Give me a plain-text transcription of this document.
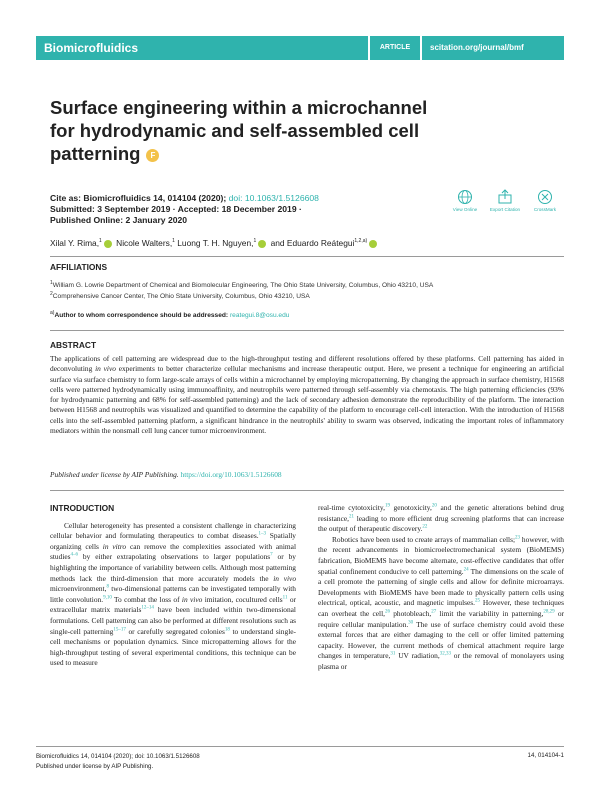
Biomicrofluidics	ARTICLE	scitation.org/journal/bmf
Surface engineering within a microchannel
for hydrodynamic and self-assembled cell
patterning F
Cite as: Biomicrofluidics 14, 014104 (2020); doi: 10.1063/1.5126608
Submitted: 3 September 2019 · Accepted: 18 December 2019 ·
Published Online: 2 January 2020
View Online	Export Citation	CrossMark
Xilal Y. Rima,$^1$ Nicole Walters,$^1$ Luong T. H. Nguyen,$^1$ and Eduardo Reátegui$^{1,2,a)}$
AFFILIATIONS
$^1$William G. Lowrie Department of Chemical and Biomolecular Engineering, The Ohio State University, Columbus, Ohio 43210, USA
$^2$Comprehensive Cancer Center, The Ohio State University, Columbus, Ohio 43210, USA
$^{a)}$Author to whom correspondence should be addressed: reategui.8@osu.edu
ABSTRACT
The applications of cell patterning are widespread due to the high-throughput testing and different resolutions offered by these platforms. Cell patterning has aided in deconvoluting in vivo experiments to better characterize cellular mechanisms and increase therapeutic output. Here, we present a technique for engineering an artificial surface via surface chemistry to form large-scale arrays of cells within a microchannel by employing micropatterning. By changing the approach in surface chemistry, H1568 cells were patterned hydrodynamically using immunoaffinity, and neutrophils were patterned through self-assembly via chemotaxis. The high patterning efficiencies (93% for hydrodynamic patterning and 68% for self-assembled patterning) and the lack of secondary adhesion demonstrate the reproducibility of the platform. The interaction between H1568 and neutrophils was visualized and quantified to determine the capability of the platform to encourage cell-cell interaction. With the introduction of H1568 cells into the self-assembled patterning platform, a significant hindrance in the neutrophils' ability to swarm was observed, indicating the important roles of inflammatory mediators within the nonsmall cell lung cancer tumor microenvironment.
Published under license by AIP Publishing. https://doi.org/10.1063/1.5126608
INTRODUCTION

Cellular heterogeneity has presented a consistent challenge in characterizing cellular behavior and formulating therapeutics to combat diseases.$^{1-3}$ Spatially organizing cells in vitro can remove the complexities associated with animal studies$^{4-6}$ by either extrapolating observations to larger populations$^7$ or by highlighting the importance of variability between cells. Although most patterning methods lack the third-dimension that more accurately models the in vivo microenvironment,$^8$ two-dimensional patterns can be investigated temporally with little convolution.$^{9,10}$ To combat the loss of in vivo imitation, cocultured cells$^{11}$ or extracellular matrix materials$^{12-14}$ have been included within two-dimensional formulations. Cell patterning can also be performed at different resolutions such as single-cell patterning$^{15-17}$ or carefully segregated colonies$^{18}$ to understand single-cell mechanisms or population dynamics. Since micropatterning allows for the high-throughput testing of several experimental conditions, this technique can be used to measure

real-time cytotoxicity,$^{19}$ genotoxicity,$^{20}$ and the genetic alterations behind drug resistance,$^{21}$ leading to more efficient drug screening platforms that can increase the output of therapeutic discovery.$^{22}$

Robotics have been used to create arrays of mammalian cells;$^{23}$ however, with the recent advancements in biomicroelectromechanical system (BioMEMS) fabrication, BioMEMS have become alternate, cost-effective candidates that offer spatial confinement conducive to cell patterning.$^{24}$ The dimensions on the scale of a cell promote the patterning of single cells and allow for definite microarrays. Developments with BioMEMS have been made to physically pattern cells using electrical, optical, acoustic, and magnetic impulses.$^{25}$ However, these techniques can overheat the cell,$^{26}$ photobleach,$^{27}$ limit the variability in patterning,$^{28,29}$ or require cellular manipulation.$^{30}$ The use of surface chemistry could avoid these external forces that are either damaging to the cell or offer limited patterning capacity. However, the current methods of chemical attachment require large changes in temperature,$^{31}$ UV radiation,$^{32,33}$ or the removal of monolayers using plasma or

Biomicrofluidics 14, 014104 (2020); doi: 10.1063/1.5126608
Published under license by AIP Publishing.
14, 014104-1
